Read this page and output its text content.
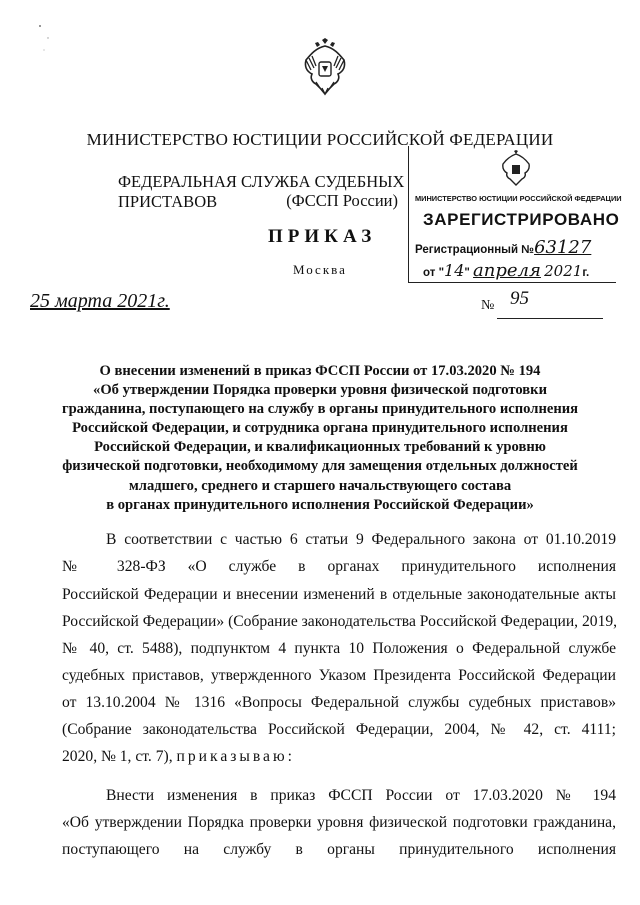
МИНИСТЕРСТВО ЮСТИЦИИ РОССИЙСКОЙ ФЕДЕРАЦИИ
ФЕДЕРАЛЬНАЯ СЛУЖБА СУДЕБНЫХ ПРИСТАВОВ	(ФССП России)
ПРИКАЗ
Москва
МИНИСТЕРСТВО ЮСТИЦИИ РОССИЙСКОЙ ФЕДЕРАЦИИ
ЗАРЕГИСТРИРОВАНО
Регистрационный №63127
от "14" апреля 2021г.
25 марта 2021г.	№ 95
О внесении изменений в приказ ФССП России от 17.03.2020 № 194
«Об утверждении Порядка проверки уровня физической подготовки
гражданина, поступающего на службу в органы принудительного исполнения
Российской Федерации, и сотрудника органа принудительного исполнения
Российской Федерации, и квалификационных требований к уровню
физической подготовки, необходимому для замещения отдельных должностей
младшего, среднего и старшего начальствующего состава
в органах принудительного исполнения Российской Федерации»
В соответствии с частью 6 статьи 9 Федерального закона от 01.10.2019
№ 328-ФЗ «О службе в органах принудительного исполнения
Российской Федерации и внесении изменений в отдельные законодательные акты
Российской Федерации» (Собрание законодательства Российской Федерации, 2019,
№ 40, ст. 5488), подпунктом 4 пункта 10 Положения о Федеральной службе
судебных приставов, утвержденного Указом Президента Российской Федерации
от 13.10.2004 № 1316 «Вопросы Федеральной службы судебных приставов»
(Собрание законодательства Российской Федерации, 2004, № 42, ст. 4111;
2020, № 1, ст. 7), приказываю:
Внести изменения в приказ ФССП России от 17.03.2020 № 194
«Об утверждении Порядка проверки уровня физической подготовки гражданина,
поступающего на службу в органы принудительного исполнения
